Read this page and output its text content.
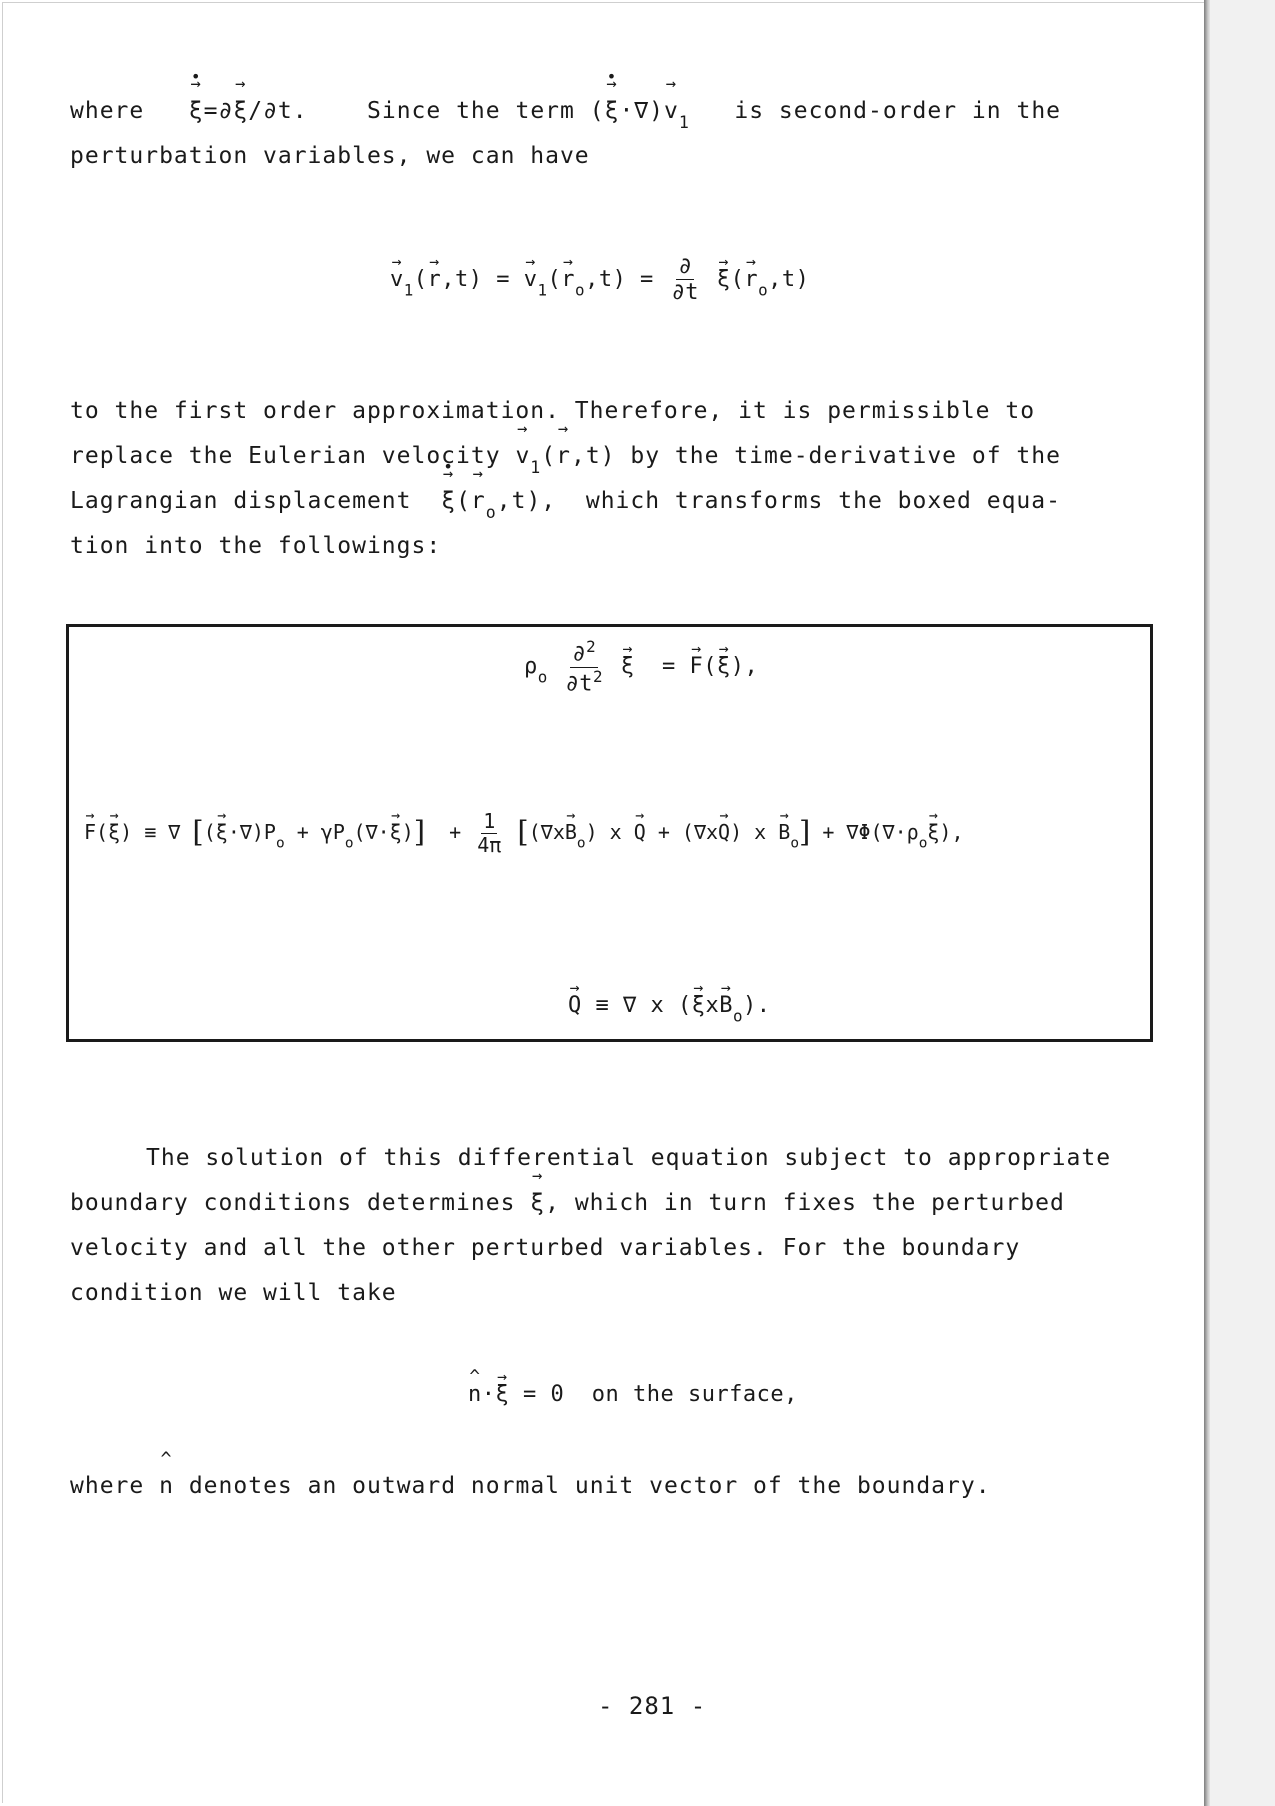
where   → ξ •=∂→ ξ/∂t.	Since the term (→ ξ •·∇)→ $v_1$ is second-order in the
perturbation variables, we can have
→ $v_1(\to r,t)$ = → $v_1(\to r_o,t) = \frac{\partial}{\partial t}$
→ $\xi(\to r_o,t)$
to the first order approximation. Therefore, it is permissible to
replace the Eulerian velocity → $v_1(\to r,t)$ by the time-derivative of the
Lagrangian displacement  → ξ •(→ $r_o,t$),  which transforms the boxed equa-
tion into the followings:
$\rho_o \frac{\partial^2}{\partial t^2}$
→ ξ  = → F(→ ξ),
→ F(→ ξ) ≡ ∇ [(→ $\xi\cdot\nabla)P_o + \gamma P_o(\nabla\cdot\to \xi)] + \frac{1}{4\pi} [(\nabla x\to B_o)$ x → Q + (∇x→ Q) $x \to B_o] + \nabla\Phi(\nabla\cdot\rho_o\to \xi)$,
→ Q ≡ ∇ x (→ $\xi x\to B_o$).
The solution of this differential equation subject to appropriate
boundary conditions determines → ξ, which in turn fixes the perturbed
velocity and all the other perturbed variables. For the boundary
condition we will take
^ n·→ ξ = 0  on the surface,
where ^ n denotes an outward normal unit vector of the boundary.
- 281 -
